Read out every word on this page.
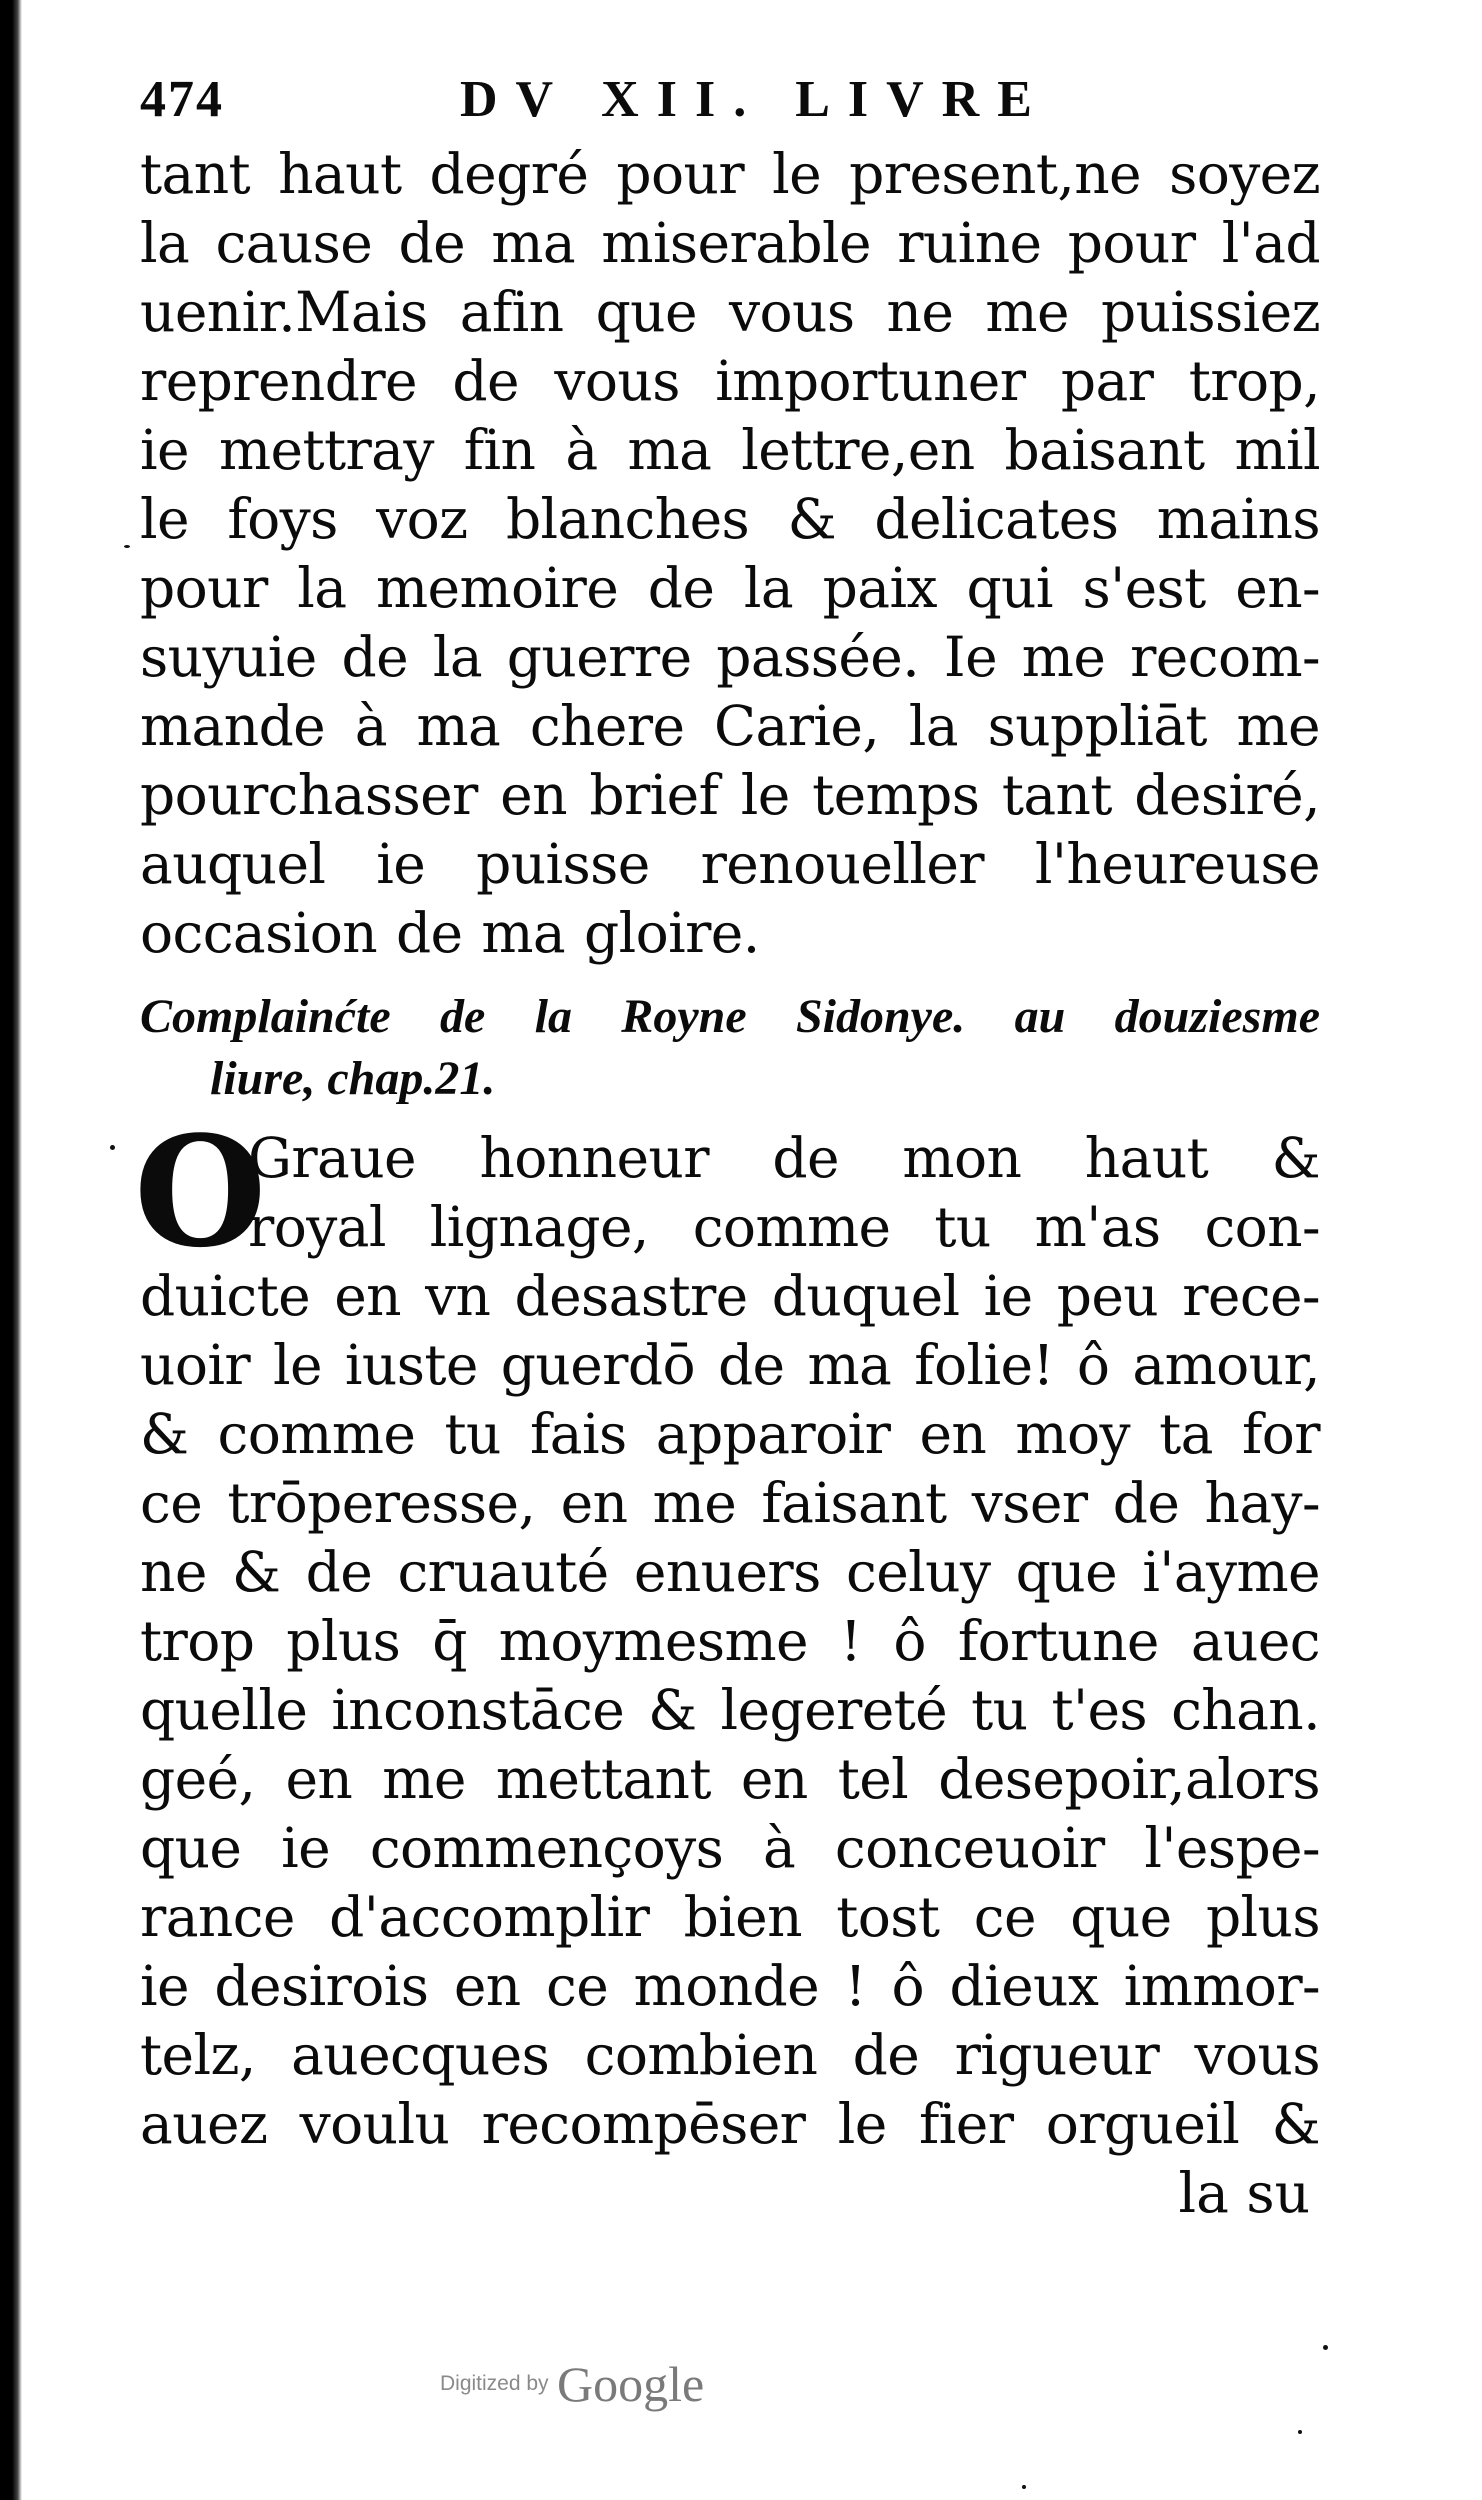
474	DV XII. LIVRE
tant haut degré pour le present,ne soyez
la cause de ma miserable ruine pour l'ad
uenir.Mais afin que vous ne me puissiez
reprendre de vous importuner par trop,
ie mettray fin à ma lettre,en baisant mil
le foys voz blanches & delicates mains
pour la memoire de la paix qui s'est en-
suyuie de la guerre passée. Ie me recom-
mande à ma chere Carie, la suppliāt me
pourchasser en brief le temps tant desiré,
auquel ie puisse renoueller l'heureuse
occasion de ma gloire.
Complainćte de la Royne Sidonye. au douziesme
liure, chap.21.
O
Graue honneur de mon haut &
royal lignage, comme tu m'as con-
duicte en vn desastre duquel ie peu rece-
uoir le iuste guerdō de ma folie! ô amour,
& comme tu fais apparoir en moy ta for
ce trōperesse, en me faisant vser de hay-
ne & de cruauté enuers celuy que i'ayme
trop plus q̄ moymesme ! ô fortune auec
quelle inconstāce & legereté tu t'es chan.
geé, en me mettant en tel desepoir,alors
que ie commençoys à conceuoir l'espe-
rance d'accomplir bien tost ce que plus
ie desirois en ce monde ! ô dieux immor-
telz, auecques combien de rigueur vous
auez voulu recompēser le fier orgueil &
la su
Digitized by Google
